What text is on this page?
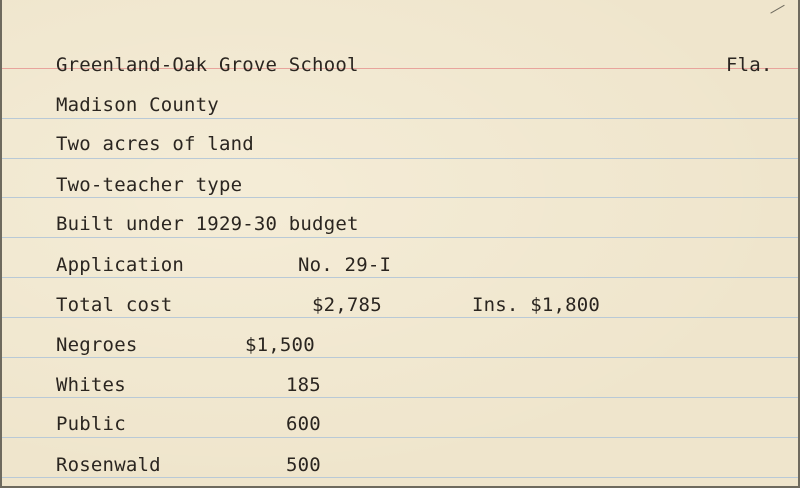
Greenland-Oak Grove School	Fla.
Madison County
Two acres of land
Two-teacher type
Built under 1929-30 budget
Application	No. 29-I
Total cost	$2,785	Ins. $1,800
Negroes	$1,500
Whites	185
Public	600
Rosenwald	500
